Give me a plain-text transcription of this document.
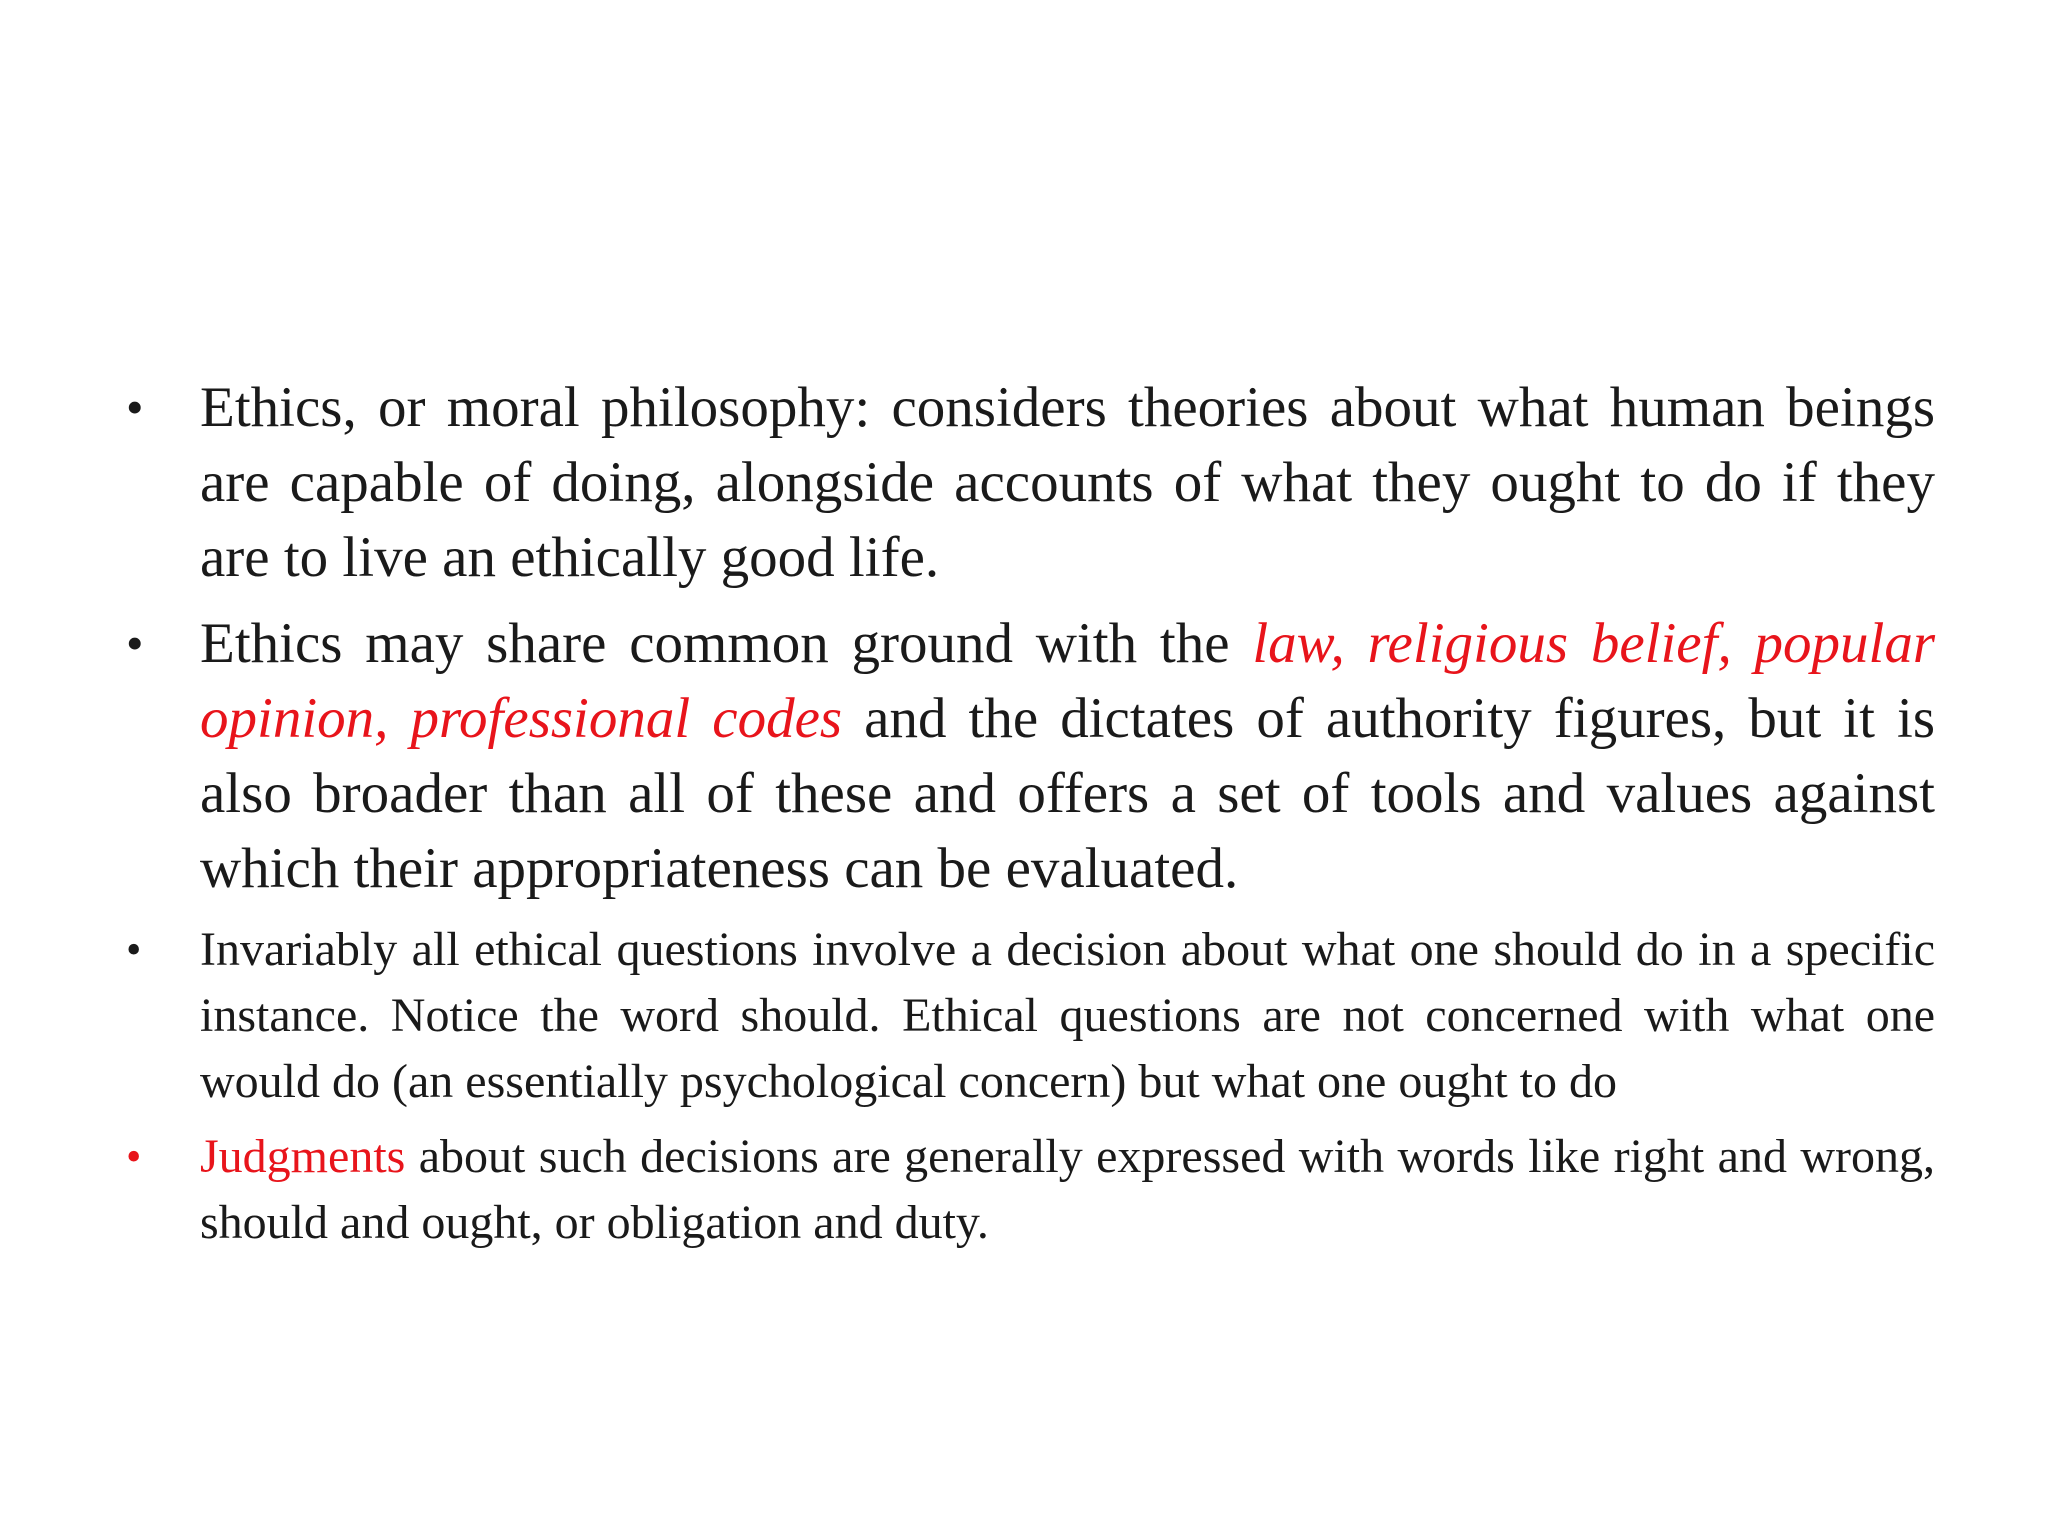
• Ethics, or moral philosophy: considers theories about what human beings are capable of doing, alongside accounts of what they ought to do if they are to live an ethically good life.
• Ethics may share common ground with the law, religious belief, popular opinion, professional codes and the dictates of authority figures, but it is also broader than all of these and offers a set of tools and values against which their appropriateness can be evaluated.
• Invariably all ethical questions involve a decision about what one should do in a specific instance. Notice the word should. Ethical questions are not concerned with what one would do (an essentially psychological concern) but what one ought to do
• Judgments about such decisions are generally expressed with words like right and wrong, should and ought, or obligation and duty.
